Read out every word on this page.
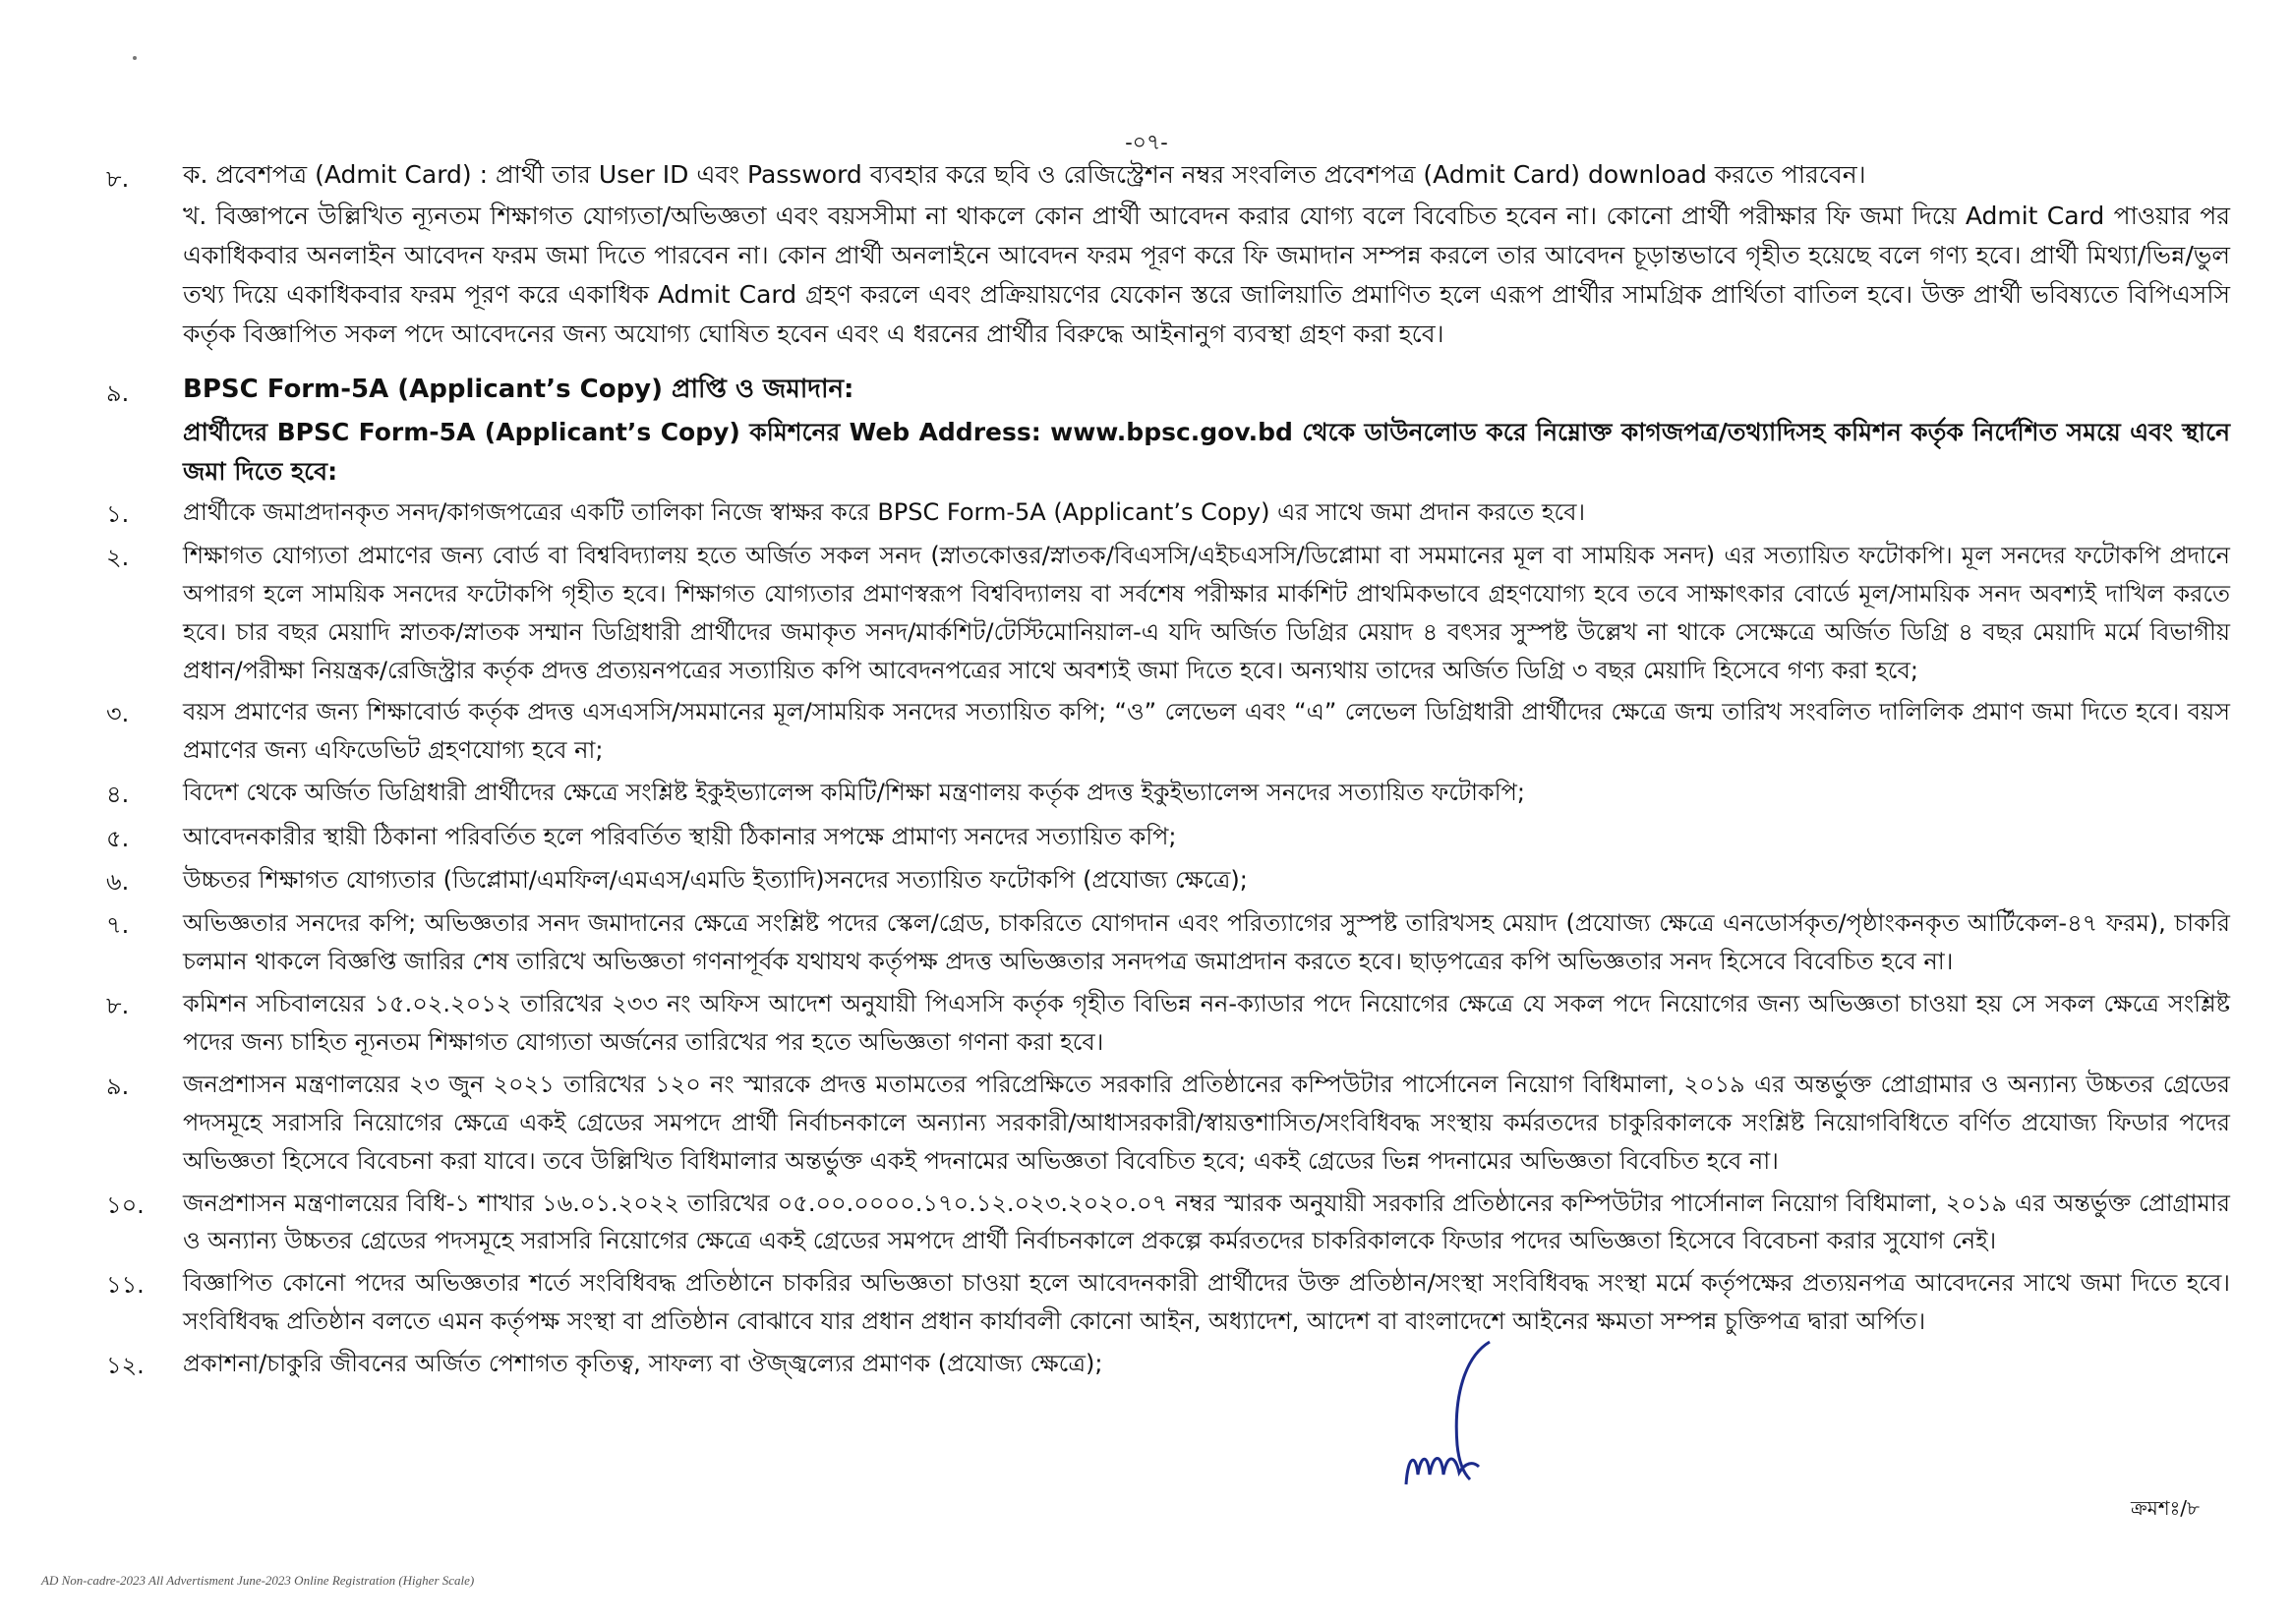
-০৭-
৮.	ক. প্রবেশপত্র (Admit Card) : প্রার্থী তার User ID এবং Password ব্যবহার করে ছবি ও রেজিস্ট্রেশন নম্বর সংবলিত প্রবেশপত্র (Admit Card) download করতে পারবেন।

খ. বিজ্ঞাপনে উল্লিখিত ন্যূনতম শিক্ষাগত যোগ্যতা/অভিজ্ঞতা এবং বয়সসীমা না থাকলে কোন প্রার্থী আবেদন করার যোগ্য বলে বিবেচিত হবেন না। কোনো প্রার্থী পরীক্ষার ফি জমা দিয়ে Admit Card পাওয়ার পর একাধিকবার অনলাইন আবেদন ফরম জমা দিতে পারবেন না। কোন প্রার্থী অনলাইনে আবেদন ফরম পূরণ করে ফি জমাদান সম্পন্ন করলে তার আবেদন চূড়ান্তভাবে গৃহীত হয়েছে বলে গণ্য হবে। প্রার্থী মিথ্যা/ভিন্ন/ভুল তথ্য দিয়ে একাধিকবার ফরম পূরণ করে একাধিক Admit Card গ্রহণ করলে এবং প্রক্রিয়ায়ণের যেকোন স্তরে জালিয়াতি প্রমাণিত হলে এরূপ প্রার্থীর সামগ্রিক প্রার্থিতা বাতিল হবে। উক্ত প্রার্থী ভবিষ্যতে বিপিএসসি কর্তৃক বিজ্ঞাপিত সকল পদে আবেদনের জন্য অযোগ্য ঘোষিত হবেন এবং এ ধরনের প্রার্থীর বিরুদ্ধে আইনানুগ ব্যবস্থা গ্রহণ করা হবে।

৯.	BPSC Form-5A (Applicant’s Copy) প্রাপ্তি ও জমাদান:

প্রার্থীদের BPSC Form-5A (Applicant’s Copy) কমিশনের Web Address: www.bpsc.gov.bd থেকে ডাউনলোড করে নিম্নোক্ত কাগজপত্র/তথ্যাদিসহ কমিশন কর্তৃক নির্দেশিত সময়ে এবং স্থানে জমা দিতে হবে:

১.	প্রার্থীকে জমাপ্রদানকৃত সনদ/কাগজপত্রের একটি তালিকা নিজে স্বাক্ষর করে BPSC Form-5A (Applicant’s Copy) এর সাথে জমা প্রদান করতে হবে।
২.	শিক্ষাগত যোগ্যতা প্রমাণের জন্য বোর্ড বা বিশ্ববিদ্যালয় হতে অর্জিত সকল সনদ (স্নাতকোত্তর/স্নাতক/বিএসসি/এইচএসসি/ডিপ্লোমা বা সমমানের মূল বা সাময়িক সনদ) এর সত্যায়িত ফটোকপি। মূল সনদের ফটোকপি প্রদানে অপারগ হলে সাময়িক সনদের ফটোকপি গৃহীত হবে। শিক্ষাগত যোগ্যতার প্রমাণস্বরূপ বিশ্ববিদ্যালয় বা সর্বশেষ পরীক্ষার মার্কশিট প্রাথমিকভাবে গ্রহণযোগ্য হবে তবে সাক্ষাৎকার বোর্ডে মূল/সাময়িক সনদ অবশ্যই দাখিল করতে হবে। চার বছর মেয়াদি স্নাতক/স্নাতক সম্মান ডিগ্রিধারী প্রার্থীদের জমাকৃত সনদ/মার্কশিট/টেস্টিমোনিয়াল-এ যদি অর্জিত ডিগ্রির মেয়াদ ৪ বৎসর সুস্পষ্ট উল্লেখ না থাকে সেক্ষেত্রে অর্জিত ডিগ্রি ৪ বছর মেয়াদি মর্মে বিভাগীয় প্রধান/পরীক্ষা নিয়ন্ত্রক/রেজিস্ট্রার কর্তৃক প্রদত্ত প্রত্যয়নপত্রের সত্যায়িত কপি আবেদনপত্রের সাথে অবশ্যই জমা দিতে হবে। অন্যথায় তাদের অর্জিত ডিগ্রি ৩ বছর মেয়াদি হিসেবে গণ্য করা হবে;
৩.	বয়স প্রমাণের জন্য শিক্ষাবোর্ড কর্তৃক প্রদত্ত এসএসসি/সমমানের মূল/সাময়িক সনদের সত্যায়িত কপি; “ও” লেভেল এবং “এ” লেভেল ডিগ্রিধারী প্রার্থীদের ক্ষেত্রে জন্ম তারিখ সংবলিত দালিলিক প্রমাণ জমা দিতে হবে। বয়স প্রমাণের জন্য এফিডেভিট গ্রহণযোগ্য হবে না;
৪.	বিদেশ থেকে অর্জিত ডিগ্রিধারী প্রার্থীদের ক্ষেত্রে সংশ্লিষ্ট ইকুইভ্যালেন্স কমিটি/শিক্ষা মন্ত্রণালয় কর্তৃক প্রদত্ত ইকুইভ্যালেন্স সনদের সত্যায়িত ফটোকপি;
৫.	আবেদনকারীর স্থায়ী ঠিকানা পরিবর্তিত হলে পরিবর্তিত স্থায়ী ঠিকানার সপক্ষে প্রামাণ্য সনদের সত্যায়িত কপি;
৬.	উচ্চতর শিক্ষাগত যোগ্যতার (ডিপ্লোমা/এমফিল/এমএস/এমডি ইত্যাদি)সনদের সত্যায়িত ফটোকপি (প্রযোজ্য ক্ষেত্রে);
৭.	অভিজ্ঞতার সনদের কপি; অভিজ্ঞতার সনদ জমাদানের ক্ষেত্রে সংশ্লিষ্ট পদের স্কেল/গ্রেড, চাকরিতে যোগদান এবং পরিত্যাগের সুস্পষ্ট তারিখসহ মেয়াদ (প্রযোজ্য ক্ষেত্রে এনডোর্সকৃত/পৃষ্ঠাংকনকৃত আর্টিকেল-৪৭ ফরম), চাকরি চলমান থাকলে বিজ্ঞপ্তি জারির শেষ তারিখে অভিজ্ঞতা গণনাপূর্বক যথাযথ কর্তৃপক্ষ প্রদত্ত অভিজ্ঞতার সনদপত্র জমাপ্রদান করতে হবে। ছাড়পত্রের কপি অভিজ্ঞতার সনদ হিসেবে বিবেচিত হবে না।
৮.	কমিশন সচিবালয়ের ১৫.০২.২০১২ তারিখের ২৩৩ নং অফিস আদেশ অনুযায়ী পিএসসি কর্তৃক গৃহীত বিভিন্ন নন-ক্যাডার পদে নিয়োগের ক্ষেত্রে যে সকল পদে নিয়োগের জন্য অভিজ্ঞতা চাওয়া হয় সে সকল ক্ষেত্রে সংশ্লিষ্ট পদের জন্য চাহিত ন্যূনতম শিক্ষাগত যোগ্যতা অর্জনের তারিখের পর হতে অভিজ্ঞতা গণনা করা হবে।
৯.	জনপ্রশাসন মন্ত্রণালয়ের ২৩ জুন ২০২১ তারিখের ১২০ নং স্মারকে প্রদত্ত মতামতের পরিপ্রেক্ষিতে সরকারি প্রতিষ্ঠানের কম্পিউটার পার্সোনেল নিয়োগ বিধিমালা, ২০১৯ এর অন্তর্ভুক্ত প্রোগ্রামার ও অন্যান্য উচ্চতর গ্রেডের পদসমূহে সরাসরি নিয়োগের ক্ষেত্রে একই গ্রেডের সমপদে প্রার্থী নির্বাচনকালে অন্যান্য সরকারী/আধাসরকারী/স্বায়ত্তশাসিত/সংবিধিবদ্ধ সংস্থায় কর্মরতদের চাকুরিকালকে সংশ্লিষ্ট নিয়োগবিধিতে বর্ণিত প্রযোজ্য ফিডার পদের অভিজ্ঞতা হিসেবে বিবেচনা করা যাবে। তবে উল্লিখিত বিধিমালার অন্তর্ভুক্ত একই পদনামের অভিজ্ঞতা বিবেচিত হবে; একই গ্রেডের ভিন্ন পদনামের অভিজ্ঞতা বিবেচিত হবে না।
১০.	জনপ্রশাসন মন্ত্রণালয়ের বিধি-১ শাখার ১৬.০১.২০২২ তারিখের ০৫.০০.০০০০.১৭০.১২.০২৩.২০২০.০৭ নম্বর স্মারক অনুযায়ী সরকারি প্রতিষ্ঠানের কম্পিউটার পার্সোনাল নিয়োগ বিধিমালা, ২০১৯ এর অন্তর্ভুক্ত প্রোগ্রামার ও অন্যান্য উচ্চতর গ্রেডের পদসমূহে সরাসরি নিয়োগের ক্ষেত্রে একই গ্রেডের সমপদে প্রার্থী নির্বাচনকালে প্রকল্পে কর্মরতদের চাকরিকালকে ফিডার পদের অভিজ্ঞতা হিসেবে বিবেচনা করার সুযোগ নেই।
১১.	বিজ্ঞাপিত কোনো পদের অভিজ্ঞতার শর্তে সংবিধিবদ্ধ প্রতিষ্ঠানে চাকরির অভিজ্ঞতা চাওয়া হলে আবেদনকারী প্রার্থীদের উক্ত প্রতিষ্ঠান/সংস্থা সংবিধিবদ্ধ সংস্থা মর্মে কর্তৃপক্ষের প্রত্যয়নপত্র আবেদনের সাথে জমা দিতে হবে। সংবিধিবদ্ধ প্রতিষ্ঠান বলতে এমন কর্তৃপক্ষ সংস্থা বা প্রতিষ্ঠান বোঝাবে যার প্রধান প্রধান কার্যাবলী কোনো আইন, অধ্যাদেশ, আদেশ বা বাংলাদেশে আইনের ক্ষমতা সম্পন্ন চুক্তিপত্র দ্বারা অর্পিত।
১২.	প্রকাশনা/চাকুরি জীবনের অর্জিত পেশাগত কৃতিত্ব, সাফল্য বা ঔজ্জ্বল্যের প্রমাণক (প্রযোজ্য ক্ষেত্রে);
ক্রমশঃ/৮
AD Non-cadre-2023 All Advertisment June-2023 Online Registration (Higher Scale)
